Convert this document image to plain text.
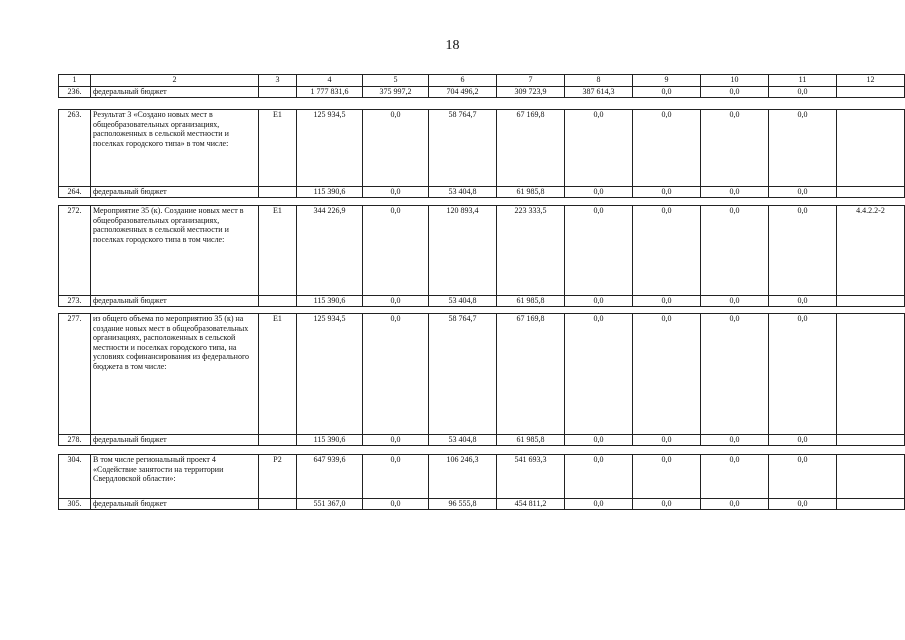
18
1	2	3	4	5	6	7	8	9	10	11	12
236.	федеральный бюджет		1 777 831,6	375 997,2	704 496,2	309 723,9	387 614,3	0,0	0,0	0,0	
263.	Результат 3 «Создано новых мест в общеобразовательных организациях, расположенных в сельской местности и поселках городского типа» в том числе:	Е1	125 934,5	0,0	58 764,7	67 169,8	0,0	0,0	0,0	0,0	
264.	федеральный бюджет		115 390,6	0,0	53 404,8	61 985,8	0,0	0,0	0,0	0,0	
272.	Мероприятие 35 (к). Создание новых мест в общеобразовательных организациях, расположенных в сельской местности и поселках городского типа в том числе:	Е1	344 226,9	0,0	120 893,4	223 333,5	0,0	0,0	0,0	0,0	4.4.2.2-2
273.	федеральный бюджет		115 390,6	0,0	53 404,8	61 985,8	0,0	0,0	0,0	0,0	
277.	из общего объема по мероприятию 35 (к) на создание новых мест в общеобразовательных организациях, расположенных в сельской местности и поселках городского типа, на условиях софинансирования из федерального бюджета в том числе:	Е1	125 934,5	0,0	58 764,7	67 169,8	0,0	0,0	0,0	0,0	
278.	федеральный бюджет		115 390,6	0,0	53 404,8	61 985,8	0,0	0,0	0,0	0,0	
304.	В том числе региональный проект 4 «Содействие занятости на территории Свердловской области»:	Р2	647 939,6	0,0	106 246,3	541 693,3	0,0	0,0	0,0	0,0	
305.	федеральный бюджет		551 367,0	0,0	96 555,8	454 811,2	0,0	0,0	0,0	0,0	
